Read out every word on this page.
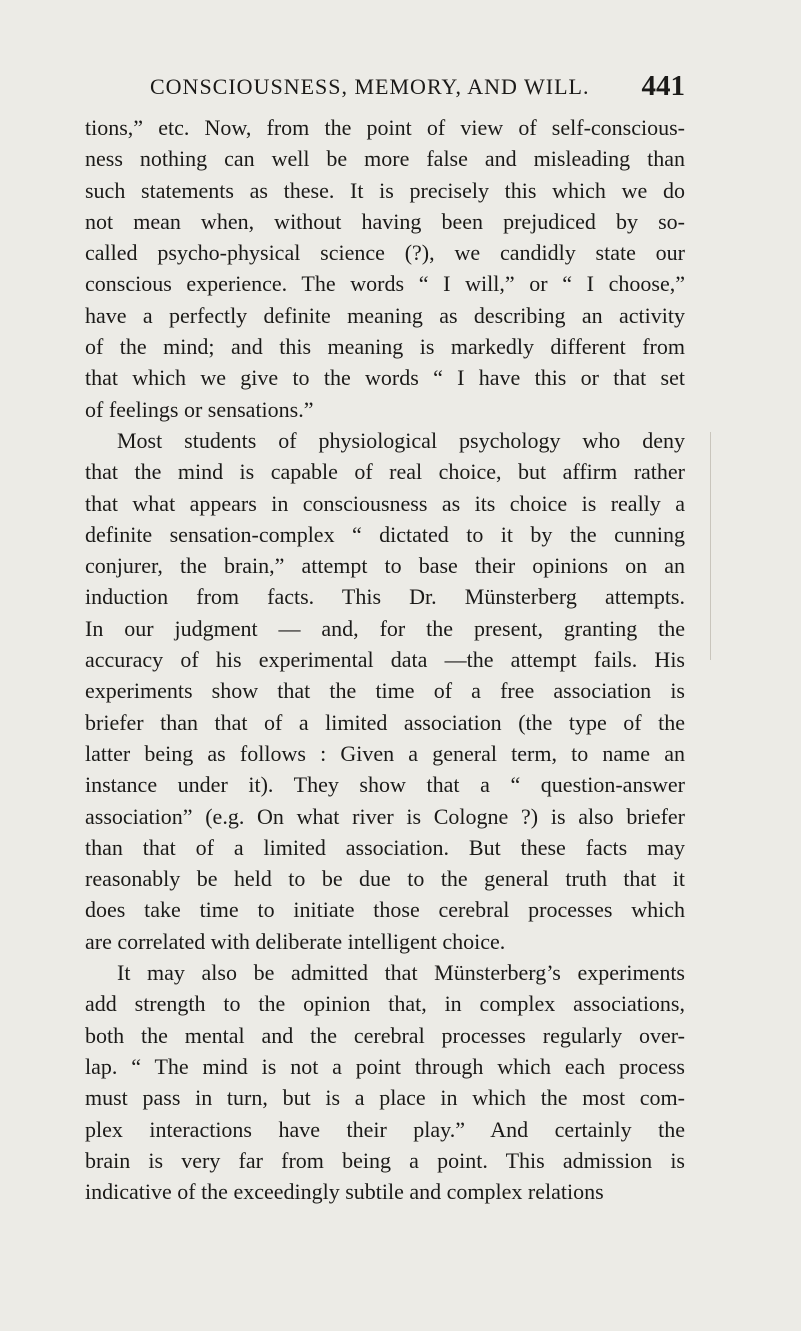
CONSCIOUSNESS, MEMORY, AND WILL. 441
tions,” etc. Now, from the point of view of self-conscious-
ness nothing can well be more false and misleading than
such statements as these. It is precisely this which we do
not mean when, without having been prejudiced by so-
called psycho-physical science (?), we candidly state our
conscious experience. The words “ I will,” or “ I choose,”
have a perfectly definite meaning as describing an activity
of the mind; and this meaning is markedly different from
that which we give to the words “ I have this or that set
of feelings or sensations.”
Most students of physiological psychology who deny
that the mind is capable of real choice, but affirm rather
that what appears in consciousness as its choice is really a
definite sensation-complex “ dictated to it by the cunning
conjurer, the brain,” attempt to base their opinions on an
induction from facts. This Dr. Münsterberg attempts.
In our judgment — and, for the present, granting the
accuracy of his experimental data —the attempt fails. His
experiments show that the time of a free association is
briefer than that of a limited association (the type of the
latter being as follows : Given a general term, to name an
instance under it). They show that a “ question-answer
association” (e.g. On what river is Cologne ?) is also briefer
than that of a limited association. But these facts may
reasonably be held to be due to the general truth that it
does take time to initiate those cerebral processes which
are correlated with deliberate intelligent choice.
It may also be admitted that Münsterberg’s experiments
add strength to the opinion that, in complex associations,
both the mental and the cerebral processes regularly over-
lap. “ The mind is not a point through which each process
must pass in turn, but is a place in which the most com-
plex interactions have their play.” And certainly the
brain is very far from being a point. This admission is
indicative of the exceedingly subtile and complex relations
